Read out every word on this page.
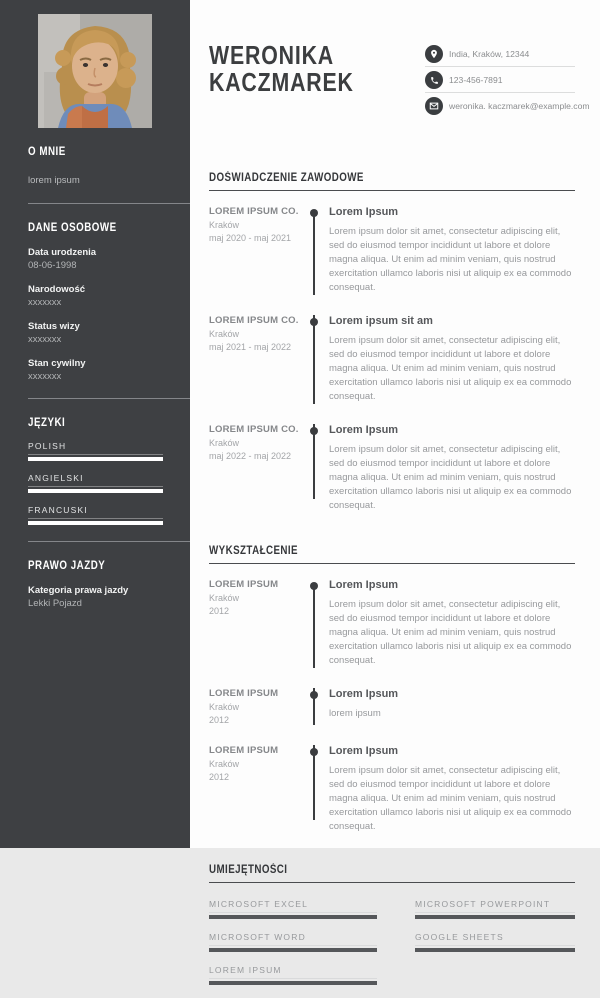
O MNIE

lorem ipsum

DANE OSOBOWE
Data urodzenia
08-06-1998
Narodowość
xxxxxxx
Status wizy
xxxxxxx
Stan cywilny
xxxxxxx
JĘZYKI
POLISH
ANGIELSKI
FRANCUSKI
PRAWO JAZDY
Kategoria prawa jazdy
Lekki Pojazd
WERONIKA
KACZMAREK
India, Kraków, 12344
123-456-7891
weronika. kaczmarek@example.com
DOŚWIADCZENIE ZAWODOWE
LOREM IPSUM CO.
Kraków
maj 2020 - maj 2021
Lorem Ipsum

Lorem ipsum dolor sit amet, consectetur adipiscing elit, sed do eiusmod tempor incididunt ut labore et dolore magna aliqua. Ut enim ad minim veniam, quis nostrud exercitation ullamco laboris nisi ut aliquip ex ea commodo consequat.

LOREM IPSUM CO.
Kraków
maj 2021 - maj 2022
Lorem ipsum sit am

Lorem ipsum dolor sit amet, consectetur adipiscing elit, sed do eiusmod tempor incididunt ut labore et dolore magna aliqua. Ut enim ad minim veniam, quis nostrud exercitation ullamco laboris nisi ut aliquip ex ea commodo consequat.

LOREM IPSUM CO.
Kraków
maj 2022 - maj 2022
Lorem Ipsum

Lorem ipsum dolor sit amet, consectetur adipiscing elit, sed do eiusmod tempor incididunt ut labore et dolore magna aliqua. Ut enim ad minim veniam, quis nostrud exercitation ullamco laboris nisi ut aliquip ex ea commodo consequat.

WYKSZTAŁCENIE
LOREM IPSUM
Kraków
2012
Lorem Ipsum

Lorem ipsum dolor sit amet, consectetur adipiscing elit, sed do eiusmod tempor incididunt ut labore et dolore magna aliqua. Ut enim ad minim veniam, quis nostrud exercitation ullamco laboris nisi ut aliquip ex ea commodo consequat.

LOREM IPSUM
Kraków
2012
Lorem Ipsum

lorem ipsum

LOREM IPSUM
Kraków
2012
Lorem Ipsum

Lorem ipsum dolor sit amet, consectetur adipiscing elit, sed do eiusmod tempor incididunt ut labore et dolore magna aliqua. Ut enim ad minim veniam, quis nostrud exercitation ullamco laboris nisi ut aliquip ex ea commodo consequat.

UMIEJĘTNOŚCI
MICROSOFT EXCEL
MICROSOFT WORD
LOREM IPSUM
MICROSOFT POWERPOINT
GOOGLE SHEETS
